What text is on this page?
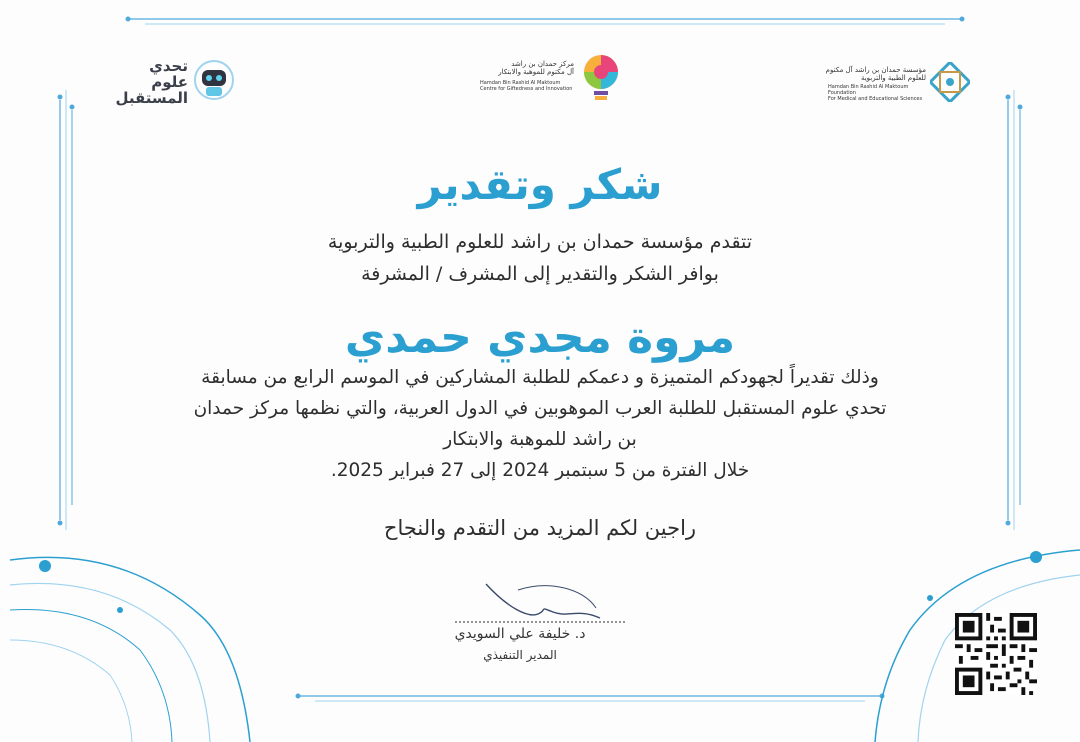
تحدي
علوم
المستقبل
مركز حمدان بن راشد
آل مكتوم للموهبة والابتكار
Hamdan Bin Rashid Al Maktoum
Centre for Giftedness and Innovation
مؤسسة حمدان بن راشد آل مكتوم
للعلوم الطبية والتربوية
Hamdan Bin Rashid Al Maktoum Foundation
For Medical and Educational Sciences
شكر وتقدير
تتقدم مؤسسة حمدان بن راشد للعلوم الطبية والتربوية
بوافر الشكر والتقدير إلى المشرف / المشرفة
مروة مجدي حمدي
وذلك تقديراً لجهودكم المتميزة و دعمكم للطلبة المشاركين في الموسم الرابع من مسابقة
تحدي علوم المستقبل للطلبة العرب الموهوبين في الدول العربية، والتي نظمها مركز حمدان
بن راشد للموهبة والابتكار
خلال الفترة من 5 سبتمبر 2024 إلى 27 فبراير 2025.
راجين لكم المزيد من التقدم والنجاح
د. خليفة علي السويدي
المدير التنفيذي
